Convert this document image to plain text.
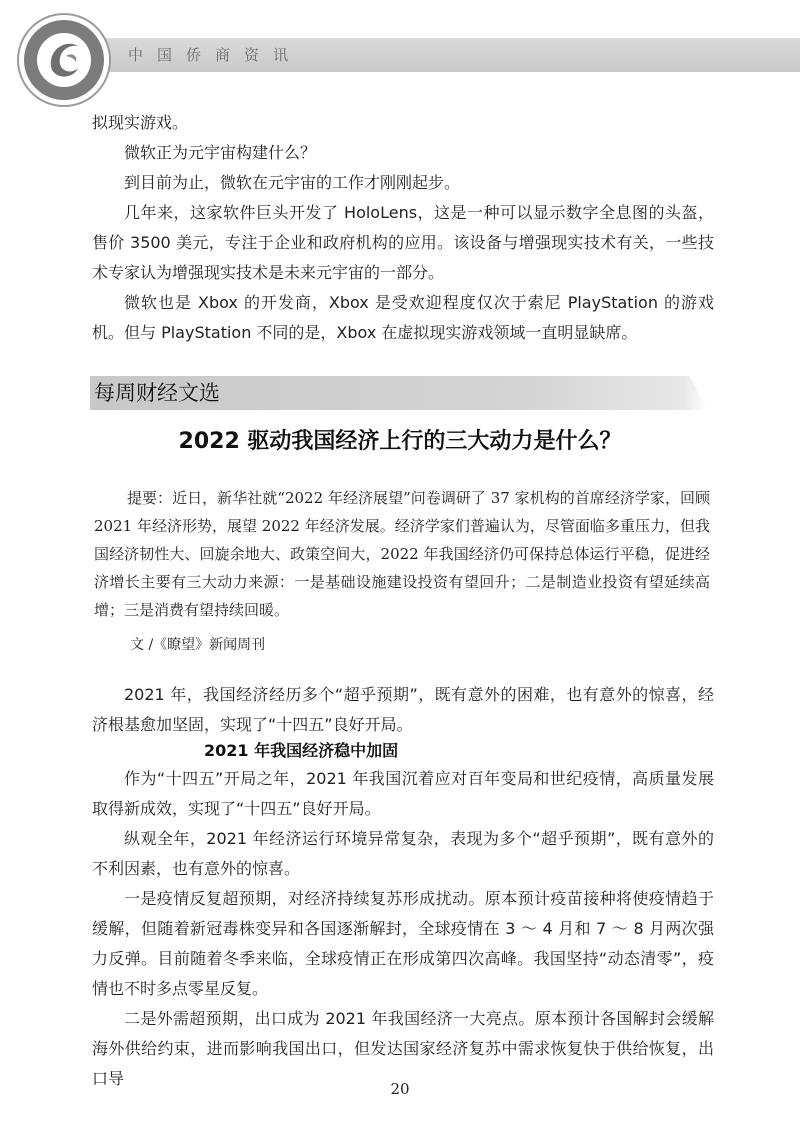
中国侨商资讯

拟现实游戏。

微软正为元宇宙构建什么？

到目前为止，微软在元宇宙的工作才刚刚起步。

几年来，这家软件巨头开发了 HoloLens，这是一种可以显示数字全息图的头盔，售价 3500 美元，专注于企业和政府机构的应用。该设备与增强现实技术有关，一些技术专家认为增强现实技术是未来元宇宙的一部分。

微软也是 Xbox 的开发商，Xbox 是受欢迎程度仅次于索尼 PlayStation 的游戏机。但与 PlayStation 不同的是，Xbox 在虚拟现实游戏领域一直明显缺席。

每周财经文选
2022 驱动我国经济上行的三大动力是什么？

提要：近日，新华社就“2022 年经济展望”问卷调研了 37 家机构的首席经济学家，回顾 2021 年经济形势，展望 2022 年经济发展。经济学家们普遍认为，尽管面临多重压力，但我国经济韧性大、回旋余地大、政策空间大，2022 年我国经济仍可保持总体运行平稳，促进经济增长主要有三大动力来源：一是基础设施建设投资有望回升；二是制造业投资有望延续高增；三是消费有望持续回暖。

文 /《瞭望》新闻周刊

2021 年，我国经济经历多个“超乎预期”，既有意外的困难，也有意外的惊喜，经济根基愈加坚固，实现了“十四五”良好开局。

2021 年我国经济稳中加固

作为“十四五”开局之年，2021 年我国沉着应对百年变局和世纪疫情，高质量发展取得新成效，实现了“十四五”良好开局。

纵观全年，2021 年经济运行环境异常复杂，表现为多个“超乎预期”，既有意外的不利因素，也有意外的惊喜。

一是疫情反复超预期，对经济持续复苏形成扰动。原本预计疫苗接种将使疫情趋于缓解，但随着新冠毒株变异和各国逐渐解封，全球疫情在 3 ～ 4 月和 7 ～ 8 月两次强力反弹。目前随着冬季来临，全球疫情正在形成第四次高峰。我国坚持“动态清零”，疫情也不时多点零星反复。

二是外需超预期，出口成为 2021 年我国经济一大亮点。原本预计各国解封会缓解海外供给约束，进而影响我国出口，但发达国家经济复苏中需求恢复快于供给恢复，出口导

20
